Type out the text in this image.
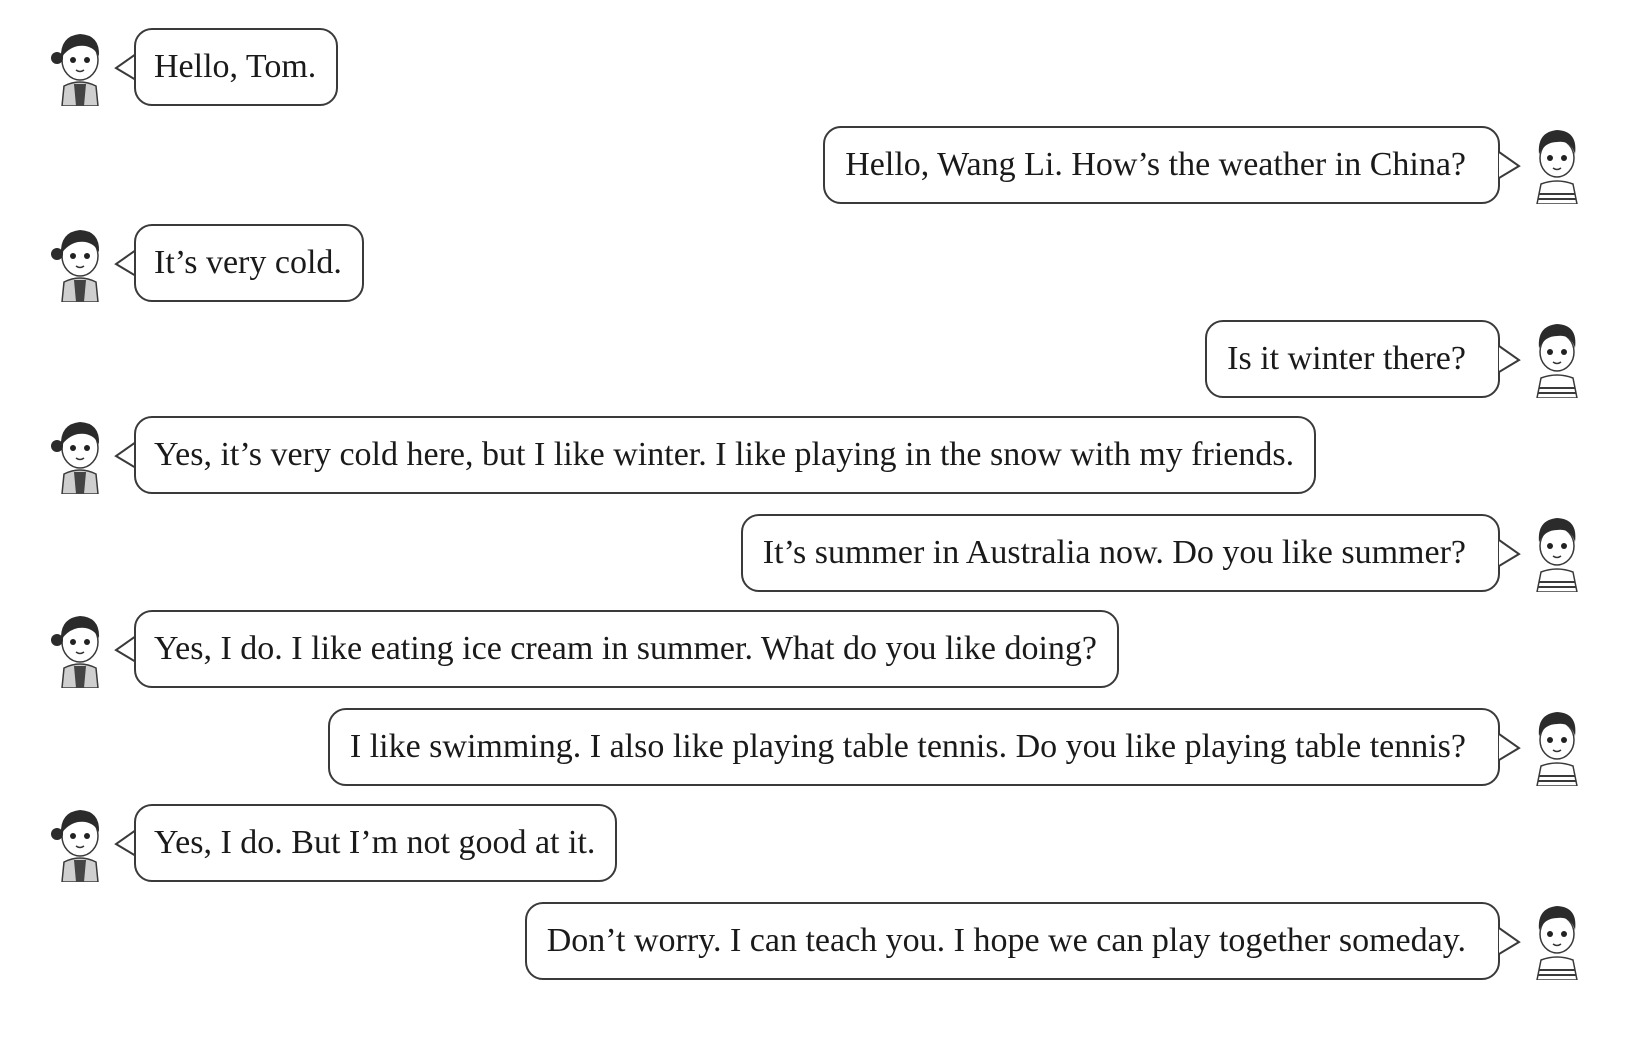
Hello, Tom.
It’s very cold.
Yes, it’s very cold here, but I like winter. I like playing in the snow with my friends.
Yes, I do. I like eating ice cream in summer. What do you like doing?
Yes, I do. But I’m not good at it.
Hello, Wang Li. How’s the weather in China?
Is it winter there?
It’s summer in Australia now. Do you like summer?
I like swimming. I also like playing table tennis. Do you like playing table tennis?
Don’t worry. I can teach you. I hope we can play together someday.
